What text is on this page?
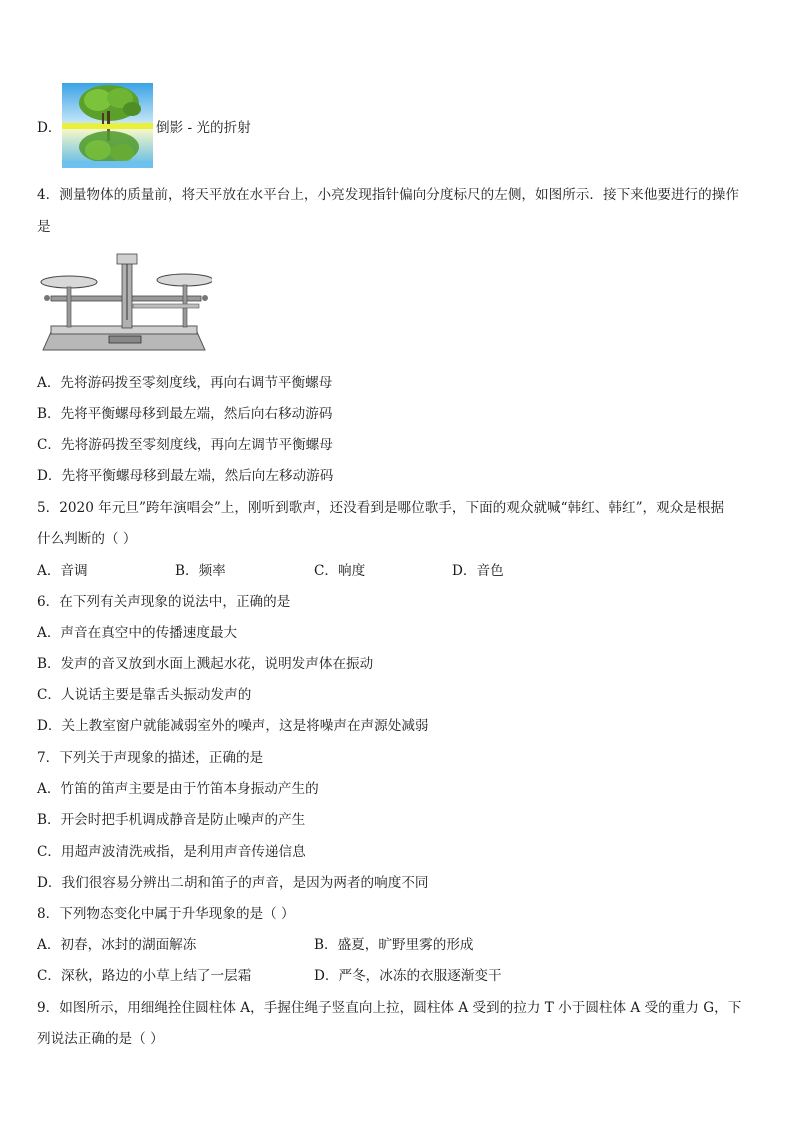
D．	倒影 - 光的折射
4．测量物体的质量前，将天平放在水平台上，小亮发现指针偏向分度标尺的左侧，如图所示．接下来他要进行的操作
是
A．先将游码拨至零刻度线，再向右调节平衡螺母
B．先将平衡螺母移到最左端，然后向右移动游码
C．先将游码拨至零刻度线，再向左调节平衡螺母
D．先将平衡螺母移到最左端，然后向左移动游码
5．2020 年元旦”跨年演唱会”上，刚听到歌声，还没看到是哪位歌手，下面的观众就喊“韩红、韩红”，观众是根据
什么判断的（ ）
A．音调	B．频率	C．响度	D．音色
6．在下列有关声现象的说法中，正确的是
A．声音在真空中的传播速度最大
B．发声的音叉放到水面上溅起水花，说明发声体在振动
C．人说话主要是靠舌头振动发声的
D．关上教室窗户就能减弱室外的噪声，这是将噪声在声源处减弱
7．下列关于声现象的描述，正确的是
A．竹笛的笛声主要是由于竹笛本身振动产生的
B．开会时把手机调成静音是防止噪声的产生
C．用超声波清洗戒指，是利用声音传递信息
D．我们很容易分辨出二胡和笛子的声音，是因为两者的响度不同
8．下列物态变化中属于升华现象的是（ ）
A．初春，冰封的湖面解冻	B．盛夏，旷野里雾的形成
C．深秋，路边的小草上结了一层霜	D．严冬，冰冻的衣服逐渐变干
9．如图所示，用细绳拴住圆柱体 A，手握住绳子竖直向上拉，圆柱体 A 受到的拉力 T 小于圆柱体 A 受的重力 G，下
列说法正确的是（ ）
